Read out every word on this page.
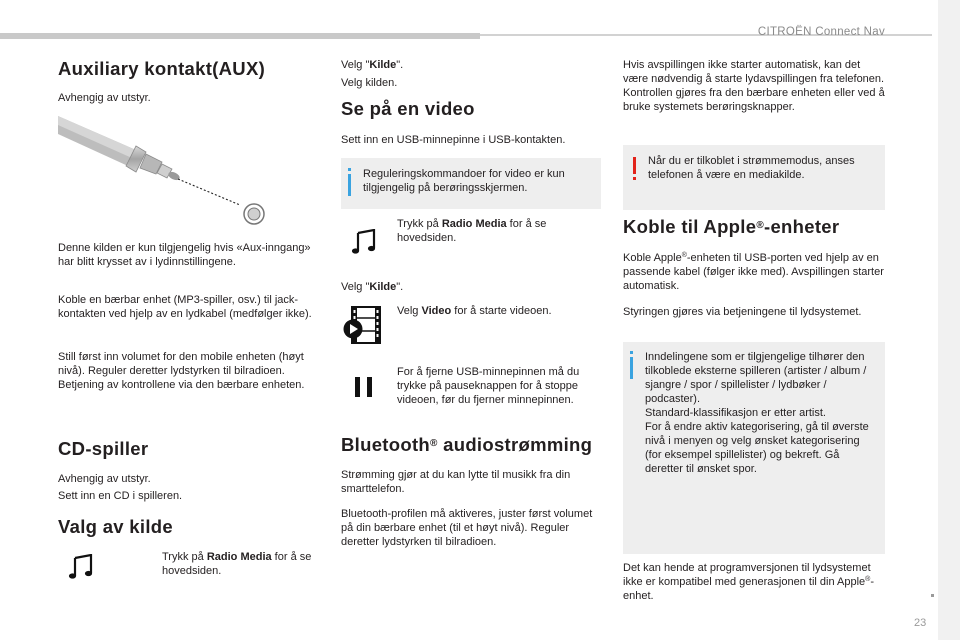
CITROËN Connect Nav
23
Auxiliary kontakt(AUX)

Avhengig av utstyr.

Denne kilden er kun tilgjengelig hvis «Aux-inngang» har blitt krysset av i lydinnstillingene.

Koble en bærbar enhet (MP3-spiller, osv.) til jack-kontakten ved hjelp av en lydkabel (medfølger ikke).

Still først inn volumet for den mobile enheten (høyt nivå). Reguler deretter lydstyrken til bilradioen.

Betjening av kontrollene via den bærbare enheten.

CD-spiller

Avhengig av utstyr.

Sett inn en CD i spilleren.

Valg av kilde

Trykk på Radio Media for å se hovedsiden.

Velg "Kilde".

Velg kilden.

Se på en video

Sett inn en USB-minnepinne i USB-kontakten.

Reguleringskommandoer for video er kun tilgjengelig på berøringsskjermen.

Trykk på Radio Media for å se hovedsiden.

Velg "Kilde".

Velg Video for å starte videoen.

For å fjerne USB-minnepinnen må du trykke på pauseknappen for å stoppe videoen, før du fjerner minnepinnen.

Bluetooth® audiostrømming

Strømming gjør at du kan lytte til musikk fra din smarttelefon.

Bluetooth-profilen må aktiveres, juster først volumet på din bærbare enhet (til et høyt nivå). Reguler deretter lydstyrken til bilradioen.

Hvis avspillingen ikke starter automatisk, kan det være nødvendig å starte lydavspillingen fra telefonen.

Kontrollen gjøres fra den bærbare enheten eller ved å bruke systemets berøringsknapper.

Når du er tilkoblet i strømmemodus, anses telefonen å være en mediakilde.

Koble til Apple®-enheter

Koble Apple®-enheten til USB-porten ved hjelp av en passende kabel (følger ikke med). Avspillingen starter automatisk.

Styringen gjøres via betjeningene til lydsystemet.

Inndelingene som er tilgjengelige tilhører den tilkoblede eksterne spilleren (artister / album / sjangre / spor / spillelister / lydbøker / podcaster).

Standard-klassifikasjon er etter artist.

For å endre aktiv kategorisering, gå til øverste nivå i menyen og velg ønsket kategorisering (for eksempel spillelister) og bekreft. Gå deretter til ønsket spor.

Det kan hende at programversjonen til lydsystemet ikke er kompatibel med generasjonen til din Apple®-enhet.
